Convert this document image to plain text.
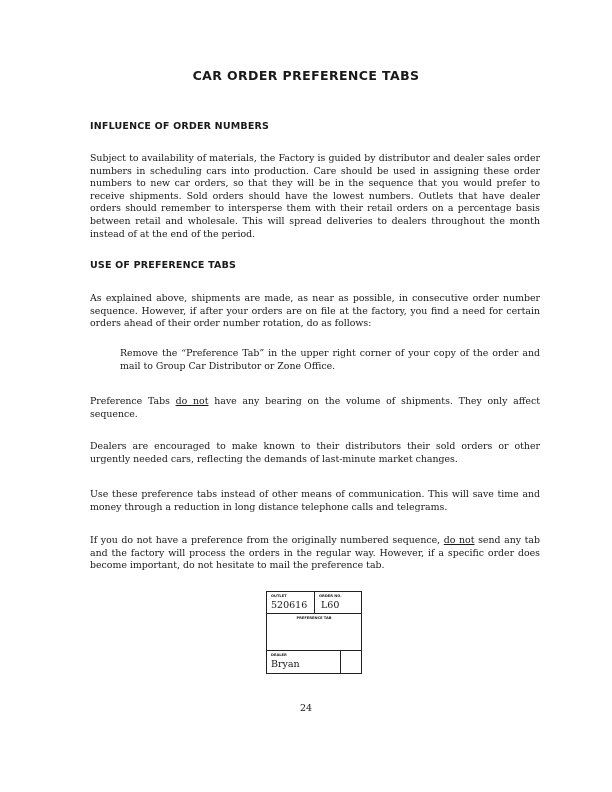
CAR ORDER PREFERENCE TABS
INFLUENCE OF ORDER NUMBERS

Subject to availability of materials, the Factory is guided by distributor and dealer sales order numbers in scheduling cars into production. Care should be used in assigning these order numbers to new car orders, so that they will be in the sequence that you would prefer to receive shipments. Sold orders should have the lowest numbers. Outlets that have dealer orders should remember to intersperse them with their retail orders on a percentage basis between retail and wholesale. This will spread deliveries to dealers throughout the month instead of at the end of the period.

USE OF PREFERENCE TABS

As explained above, shipments are made, as near as possible, in consecutive order number sequence. However, if after your orders are on file at the factory, you find a need for certain orders ahead of their order number rotation, do as follows:

Remove the “Preference Tab” in the upper right corner of your copy of the order and mail to Group Car Distributor or Zone Office.

Preference Tabs do not have any bearing on the volume of shipments. They only affect sequence.

Dealers are encouraged to make known to their distributors their sold orders or other urgently needed cars, reflecting the demands of last-minute market changes.

Use these preference tabs instead of other means of communication. This will save time and money through a reduction in long distance telephone calls and telegrams.

If you do not have a preference from the originally numbered sequence, do not send any tab and the factory will process the orders in the regular way. However, if a specific order does become important, do not hesitate to mail the preference tab.

OUTLET
520616
ORDER NO.
L60
PREFERENCE TAB
DEALER
Bryan
24
